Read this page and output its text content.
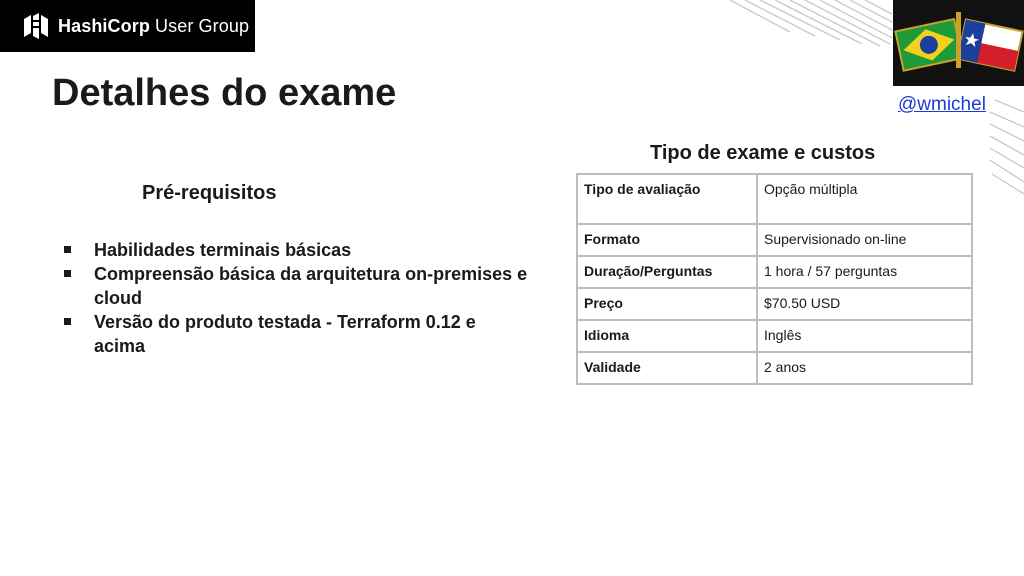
HashiCorp User Group
Detalhes do exame	@wmichel
Pré-requisitos
Habilidades terminais básicas
Compreensão básica da arquitetura on-premises e cloud
Versão do produto testada - Terraform 0.12 e acima
Tipo de exame e custos
Tipo de avaliação	Opção múltipla
Formato	Supervisionado on-line
Duração/Perguntas	1 hora / 57 perguntas
Preço	$70.50 USD
Idioma	Inglês
Validade	2 anos
